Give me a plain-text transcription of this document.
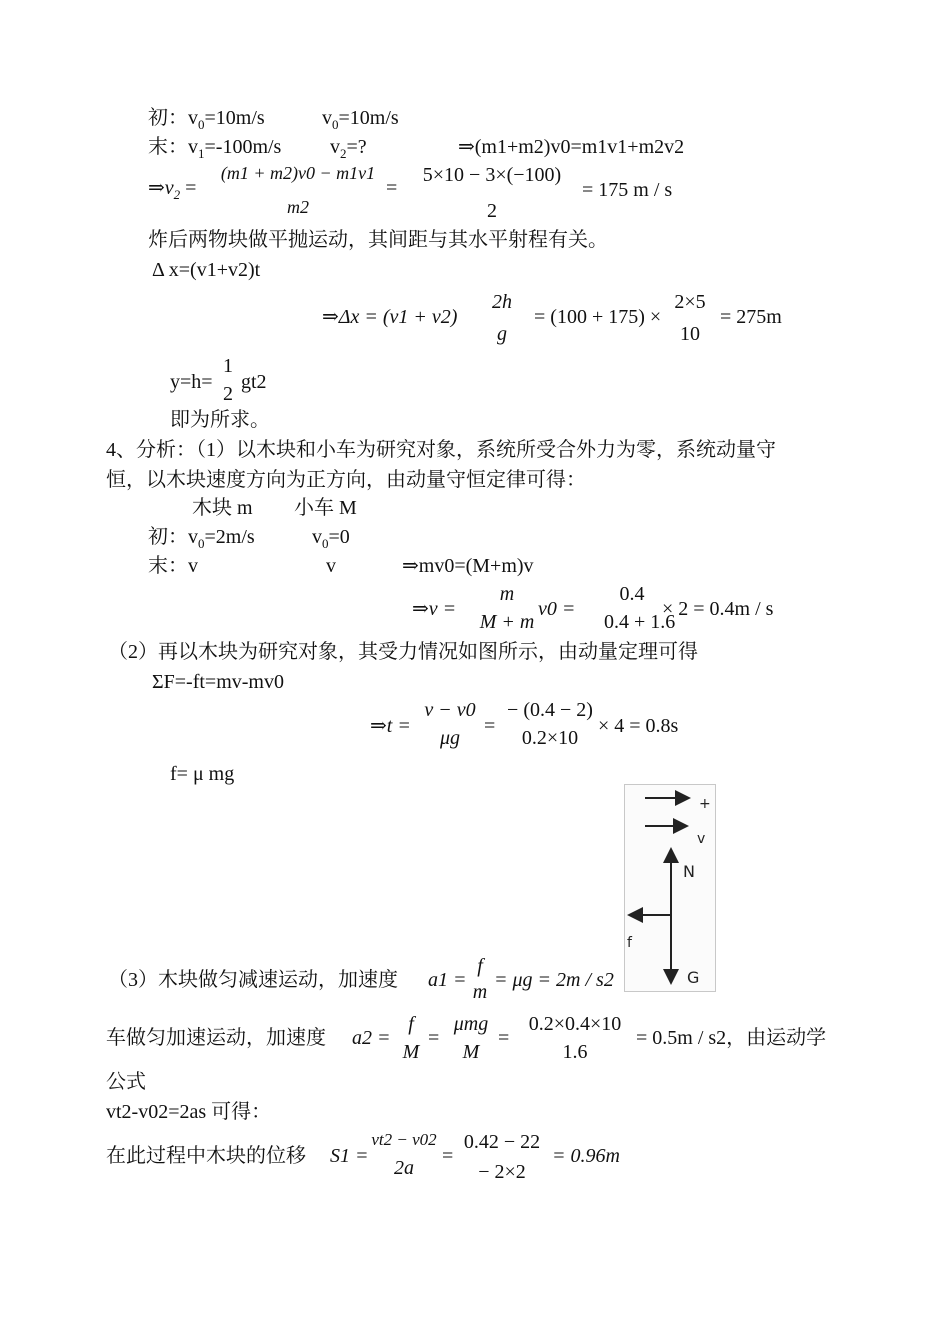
初：$v_0=10m/s$	$v_0=10m/s$
末：$v_1=-100m/s$ $v_2=$?	⇒(m1+m2)v0=m1v1+m2v2
$\Rightarrow v_2$ =
(m1 + m2)v0 − m1v1
m2
=
5×10 − 3×(−100)
2
= 175 m / s
炸后两物块做平抛运动，其间距与其水平射程有关。
Δ x=(v1+v2)t
⇒Δx = (v1 + v2)
2h
g
= (100 + 175) ×
2×5
10
= 275m
y=h=
1
2
gt2
即为所求。
4、分析：（1）以木块和小车为研究对象，系统所受合外力为零，系统动量守
恒，以木块速度方向为正方向，由动量守恒定律可得：
木块 m 小车 M
初：$v_0=2m/s$	$v_0=0$
末：v	v	⇒mv0=(M+m)v
⇒v =
m
M + m
v0 =
0.4
0.4 + 1.6
× 2 = 0.4m / s
（2）再以木块为研究对象，其受力情况如图所示，由动量定理可得
ΣF=-ft=mv-mv0
⇒t =
v − v0
μg
=
− (0.4 − 2)
0.2×10
× 4 = 0.8s
f= μ mg
+
v
N
f
G
（3）木块做匀减速运动，加速度 a1 =
f
m
= μg = 2m / s2
车做匀加速运动，加速度 a2 =
f
M
=
μmg
M
=
0.2×0.4×10
1.6
= 0.5m / s2，由运动学
公式
vt2-v02=2as 可得：
在此过程中木块的位移 S1 =
vt2 − v02
2a
=
0.42 − 22
− 2×2
= 0.96m
